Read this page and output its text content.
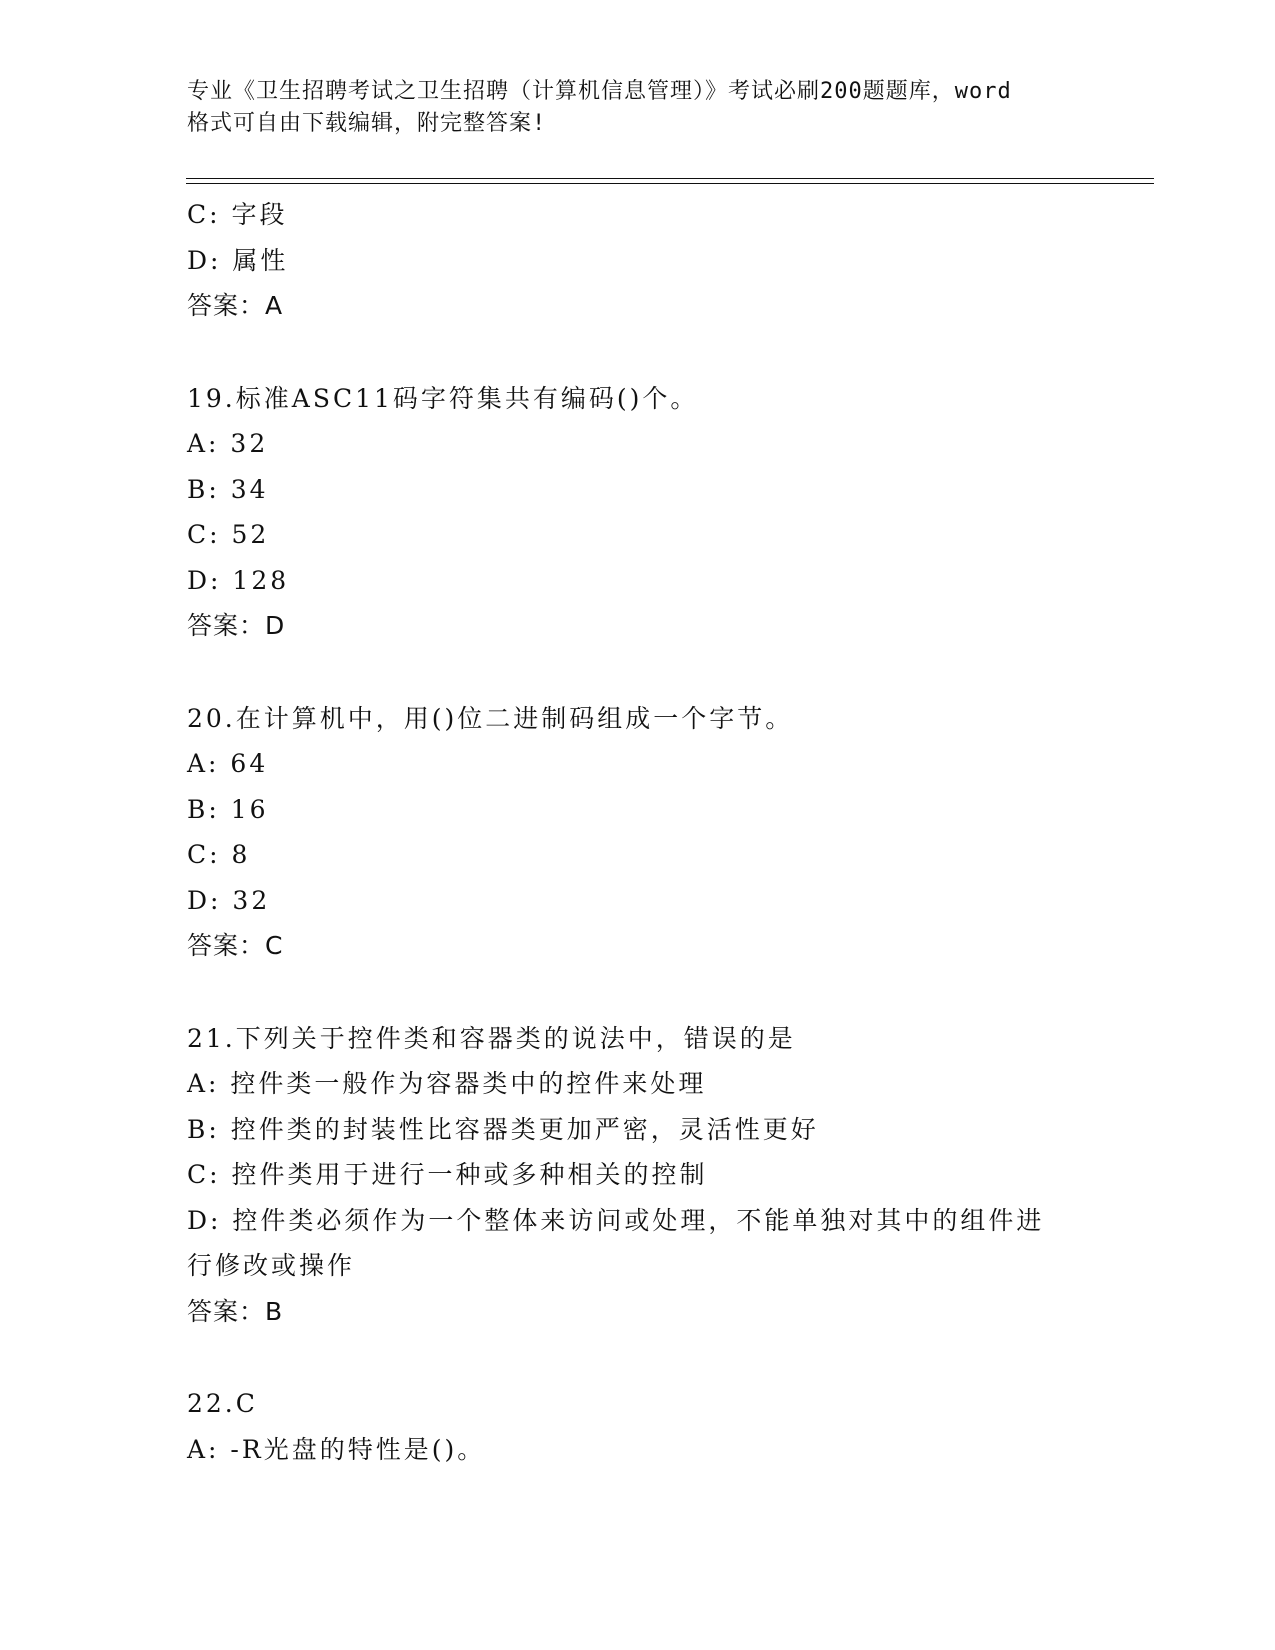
专业《卫生招聘考试之卫生招聘（计算机信息管理）》考试必刷200题题库，word
格式可自由下载编辑，附完整答案!
C: 字段
D: 属性
答案：A
19.标准ASC11码字符集共有编码()个。
A: 32
B: 34
C: 52
D: 128
答案：D
20.在计算机中，用()位二进制码组成一个字节。
A: 64
B: 16
C: 8
D: 32
答案：C
21.下列关于控件类和容器类的说法中，错误的是
A: 控件类一般作为容器类中的控件来处理
B: 控件类的封装性比容器类更加严密，灵活性更好
C: 控件类用于进行一种或多种相关的控制
D: 控件类必须作为一个整体来访问或处理，不能单独对其中的组件进
行修改或操作
答案：B
22.C
A: -R光盘的特性是()。
